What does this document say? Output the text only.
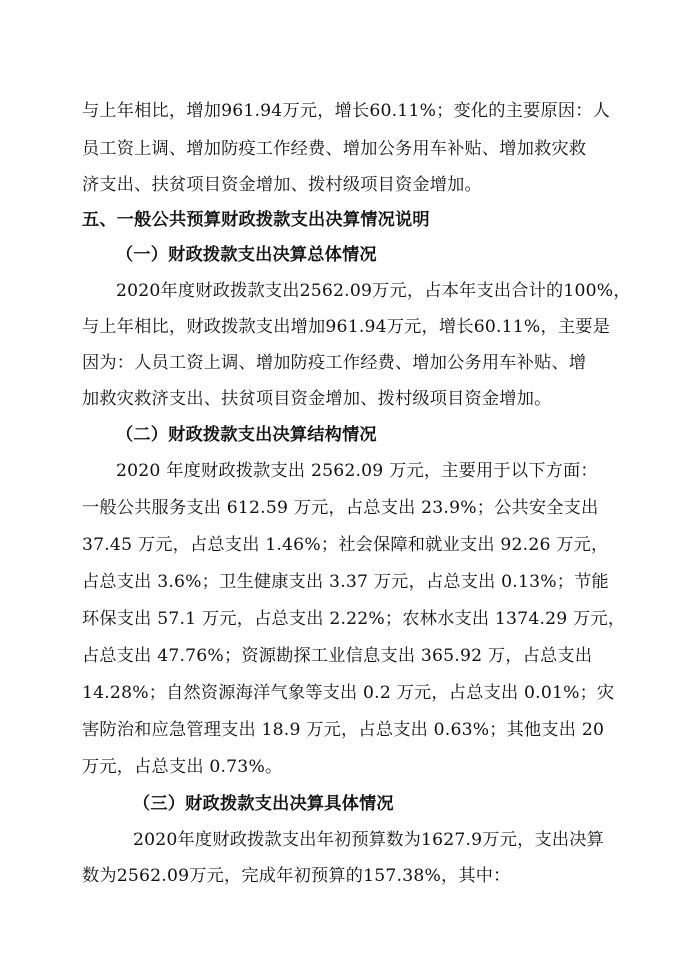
与上年相比，增加961.94万元，增长60.11%；变化的主要原因：人
员工资上调、增加防疫工作经费、增加公务用车补贴、增加救灾救
济支出、扶贫项目资金增加、拨村级项目资金增加。
五、一般公共预算财政拨款支出决算情况说明
（一）财政拨款支出决算总体情况
2020年度财政拨款支出2562.09万元，占本年支出合计的100%，
与上年相比，财政拨款支出增加961.94万元，增长60.11%，主要是
因为：人员工资上调、增加防疫工作经费、增加公务用车补贴、增
加救灾救济支出、扶贫项目资金增加、拨村级项目资金增加。
（二）财政拨款支出决算结构情况
2020 年度财政拨款支出 2562.09 万元，主要用于以下方面：
一般公共服务支出 612.59 万元，占总支出 23.9%；公共安全支出
37.45 万元，占总支出 1.46%；社会保障和就业支出 92.26 万元，
占总支出 3.6%；卫生健康支出 3.37 万元，占总支出 0.13%；节能
环保支出 57.1 万元，占总支出 2.22%；农林水支出 1374.29 万元，
占总支出 47.76%；资源勘探工业信息支出 365.92 万，占总支出
14.28%；自然资源海洋气象等支出 0.2 万元，占总支出 0.01%；灾
害防治和应急管理支出 18.9 万元，占总支出 0.63%；其他支出 20
万元，占总支出 0.73%。
（三）财政拨款支出决算具体情况
2020年度财政拨款支出年初预算数为1627.9万元，支出决算
数为2562.09万元，完成年初预算的157.38%，其中：
